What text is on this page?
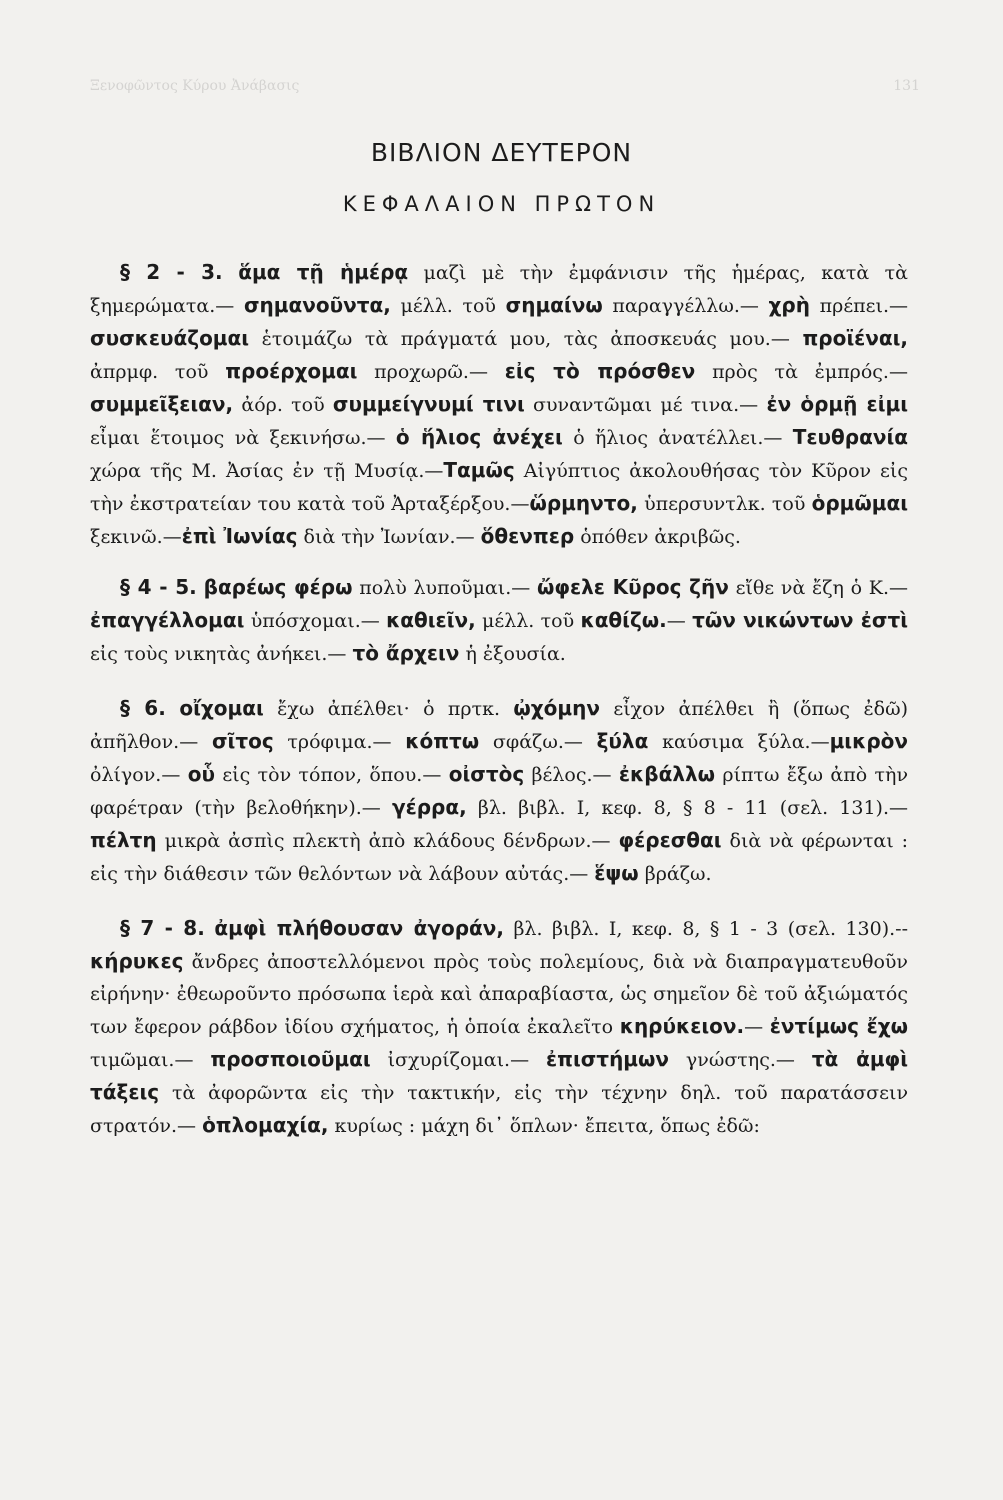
Ξενοφῶντος Κύρου Ἀνάβασις	131
ΒΙΒΛΙΟΝ ΔΕΥΤΕΡΟΝ
ΚΕΦΑΛΑΙΟΝ ΠΡΩΤΟΝ

§ 2 - 3. ἅμα τῇ ἡμέρᾳ μαζὶ μὲ τὴν ἐμφάνισιν τῆς ἡμέρας, κατὰ τὰ ξημερώματα.— σημανοῦντα, μέλλ. τοῦ σημαίνω παραγγέλλω.— χρὴ πρέπει.— συσκευάζομαι ἑτοιμάζω τὰ πράγματά μου, τὰς ἀποσκευάς μου.— προϊέναι, ἀπρμφ. τοῦ προέρχομαι προχωρῶ.— εἰς τὸ πρόσθεν πρὸς τὰ ἐμπρός.— συμμεῖξειαν, ἀόρ. τοῦ συμμείγνυμί τινι συναντῶμαι μέ τινα.— ἐν ὁρμῇ εἰμι εἶμαι ἕτοιμος νὰ ξεκινήσω.— ὁ ἥλιος ἀνέχει ὁ ἥλιος ἀνατέλλει.— Τευθρανία χώρα τῆς Μ. Ἀσίας ἐν τῇ Μυσίᾳ.—Ταμῶς Αἰγύπτιος ἀκολουθήσας τὸν Κῦρον εἰς τὴν ἐκστρατείαν του κατὰ τοῦ Ἀρταξέρξου.—ὥρμηντο, ὑπερσυντλκ. τοῦ ὁρμῶμαι ξεκινῶ.—ἐπὶ Ἰωνίας διὰ τὴν Ἰωνίαν.— ὅθενπερ ὁπόθεν ἀκριβῶς.

§ 4 - 5. βαρέως φέρω πολὺ λυποῦμαι.— ὤφελε Κῦρος ζῆν εἴθε νὰ ἔζη ὁ Κ.— ἐπαγγέλλομαι ὑπόσχομαι.— καθιεῖν, μέλλ. τοῦ καθίζω.— τῶν νικώντων ἐστὶ εἰς τοὺς νικητὰς ἀνήκει.— τὸ ἄρχειν ἡ ἐξουσία.

§ 6. οἴχομαι ἔχω ἀπέλθει· ὁ πρτκ. ᾠχόμην εἶχον ἀπέλθει ἢ (ὅπως ἐδῶ) ἀπῆλθον.— σῖτος τρόφιμα.— κόπτω σφάζω.— ξύλα καύσιμα ξύλα.—μικρὸν ὀλίγον.— οὗ εἰς τὸν τόπον, ὅπου.— οἰστὸς βέλος.— ἐκβάλλω ρίπτω ἔξω ἀπὸ τὴν φαρέτραν (τὴν βελοθήκην).— γέρρα, βλ. βιβλ. Ι, κεφ. 8, § 8 - 11 (σελ. 131).— πέλτη μικρὰ ἀσπὶς πλεκτὴ ἀπὸ κλάδους δένδρων.— φέρεσθαι διὰ νὰ φέρωνται : εἰς τὴν διάθεσιν τῶν θελόντων νὰ λάβουν αὐτάς.— ἕψω βράζω.

§ 7 - 8. ἀμφὶ πλήθουσαν ἀγοράν, βλ. βιβλ. Ι, κεφ. 8, § 1 - 3 (σελ. 130).--κήρυκες ἄνδρες ἀποστελλόμενοι πρὸς τοὺς πολεμίους, διὰ νὰ διαπραγματευθοῦν εἰρήνην· ἐθεωροῦντο πρόσωπα ἱερὰ καὶ ἀπαραβίαστα, ὡς σημεῖον δὲ τοῦ ἀξιώματός των ἔφερον ράβδον ἰδίου σχήματος, ἡ ὁποία ἐκαλεῖτο κηρύκειον.— ἐντίμως ἔχω τιμῶμαι.— προσποιοῦμαι ἰσχυρίζομαι.— ἐπιστήμων γνώστης.— τὰ ἀμφὶ τάξεις τὰ ἀφορῶντα εἰς τὴν τακτικήν, εἰς τὴν τέχνην δηλ. τοῦ παρατάσσειν στρατόν.— ὁπλομαχία, κυρίως : μάχη δι᾽ ὅπλων· ἔπειτα, ὅπως ἐδῶ:
